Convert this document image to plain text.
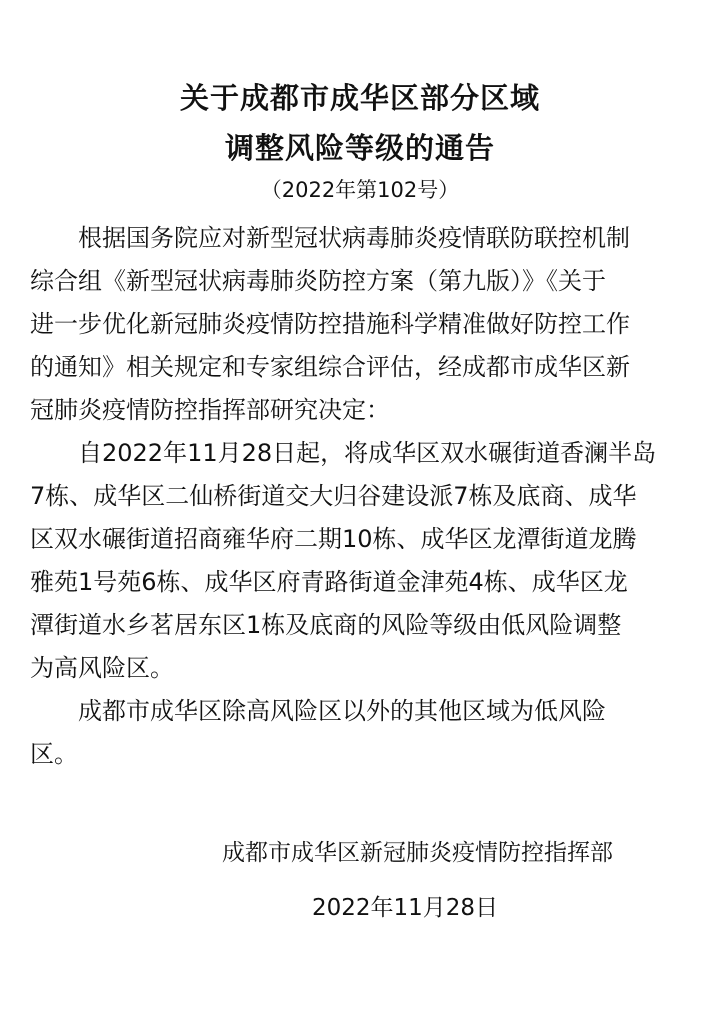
关于成都市成华区部分区域
调整风险等级的通告
（2022年第102号）
根据国务院应对新型冠状病毒肺炎疫情联防联控机制
综合组《新型冠状病毒肺炎防控方案（第九版）》《关于
进一步优化新冠肺炎疫情防控措施科学精准做好防控工作
的通知》相关规定和专家组综合评估，经成都市成华区新
冠肺炎疫情防控指挥部研究决定：
自2022年11月28日起，将成华区双水碾街道香澜半岛
7栋、成华区二仙桥街道交大归谷建设派7栋及底商、成华
区双水碾街道招商雍华府二期10栋、成华区龙潭街道龙腾
雅苑1号苑6栋、成华区府青路街道金津苑4栋、成华区龙
潭街道水乡茗居东区1栋及底商的风险等级由低风险调整
为高风险区。
成都市成华区除高风险区以外的其他区域为低风险
区。
成都市成华区新冠肺炎疫情防控指挥部
2022年11月28日
